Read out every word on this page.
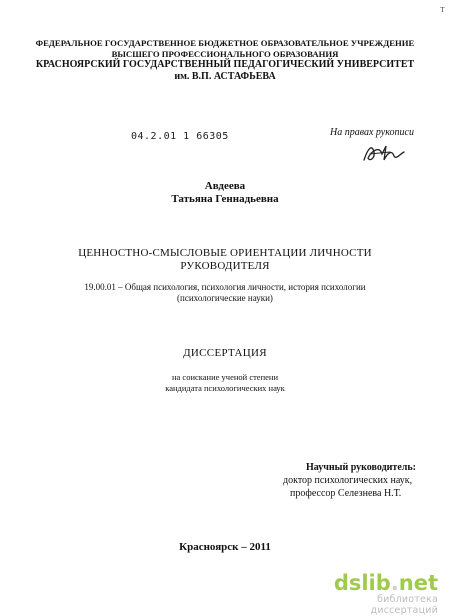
Т
ФЕДЕРАЛЬНОЕ ГОСУДАРСТВЕННОЕ БЮДЖЕТНОЕ ОБРАЗОВАТЕЛЬНОЕ УЧРЕЖДЕНИЕ
ВЫСШЕГО ПРОФЕССИОНАЛЬНОГО ОБРАЗОВАНИЯ
КРАСНОЯРСКИЙ ГОСУДАРСТВЕННЫЙ ПЕДАГОГИЧЕСКИЙ УНИВЕРСИТЕТ
им. В.П. АСТАФЬЕВА
04.2.01 1 66305	На правах рукописи
Авдеева
Татьяна Геннадьевна
ЦЕННОСТНО-СМЫСЛОВЫЕ ОРИЕНТАЦИИ ЛИЧНОСТИ
РУКОВОДИТЕЛЯ
19.00.01 – Общая психология, психология личности, история психологии
(психологические науки)
ДИССЕРТАЦИЯ
на соискание ученой степени
кандидата психологических наук
Научный руководитель:
доктор психологических наук,
профессор Селезнева Н.Т.
Красноярск – 2011
dslib.net
библиотека диссертаций
